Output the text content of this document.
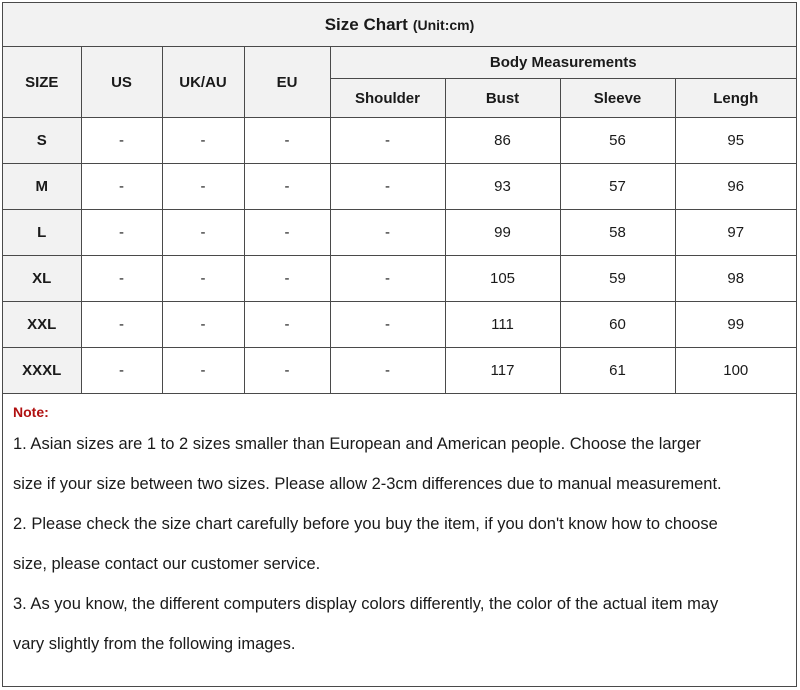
Size Chart (Unit:cm)
SIZE	US	UK/AU	EU	Body Measurements			
				Shoulder	Bust	Sleeve	Lengh
S	-	-	-	-	86	56	95
M	-	-	-	-	93	57	96
L	-	-	-	-	99	58	97
XL	-	-	-	-	105	59	98
XXL	-	-	-	-	111	60	99
XXXL	-	-	-	-	117	61	100
Note:
1. Asian sizes are 1 to 2 sizes smaller than European and American people. Choose the larger
size if your size between two sizes. Please allow 2-3cm differences due to manual measurement.
2. Please check the size chart carefully before you buy the item, if you don't know how to choose
size, please contact our customer service.
3. As you know, the different computers display colors differently, the color of the actual item may
vary slightly from the following images.
